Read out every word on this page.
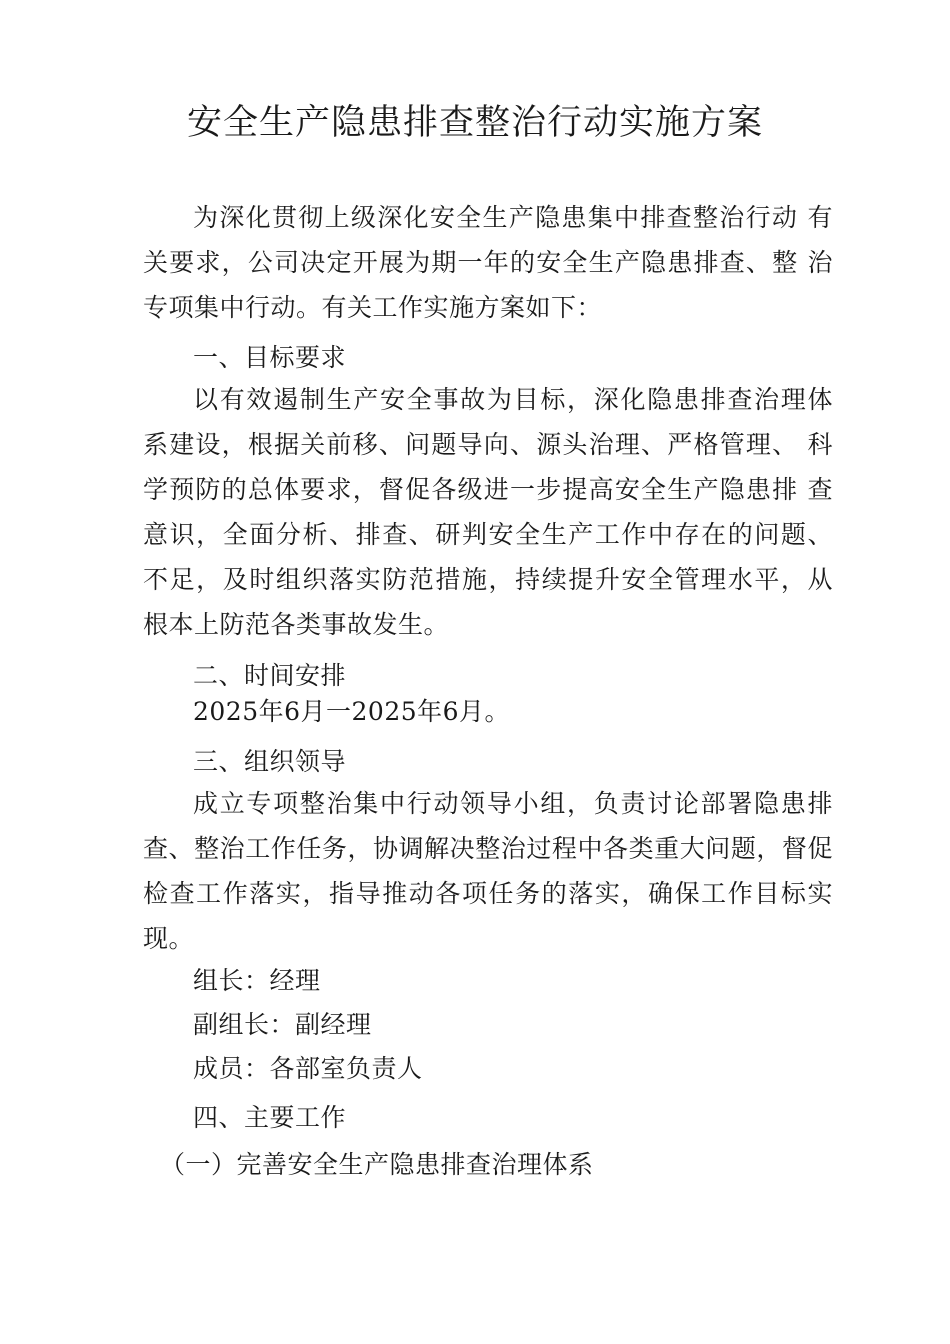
安全生产隐患排查整治行动实施方案

为深化贯彻上级深化安全生产隐患集中排查整治行动 有关要求，公司决定开展为期一年的安全生产隐患排查、整 治专项集中行动。有关工作实施方案如下：

一、目标要求

以有效遏制生产安全事故为目标，深化隐患排查治理体 系建设，根据关前移、问题导向、源头治理、严格管理、 科学预防的总体要求，督促各级进一步提高安全生产隐患排 查意识，全面分析、排查、研判安全生产工作中存在的问题、 不足，及时组织落实防范措施，持续提升安全管理水平，从 根本上防范各类事故发生。

二、时间安排

2025年6月一2025年6月。

三、组织领导

成立专项整治集中行动领导小组，负责讨论部署隐患排查、整治工作任务，协调解决整治过程中各类重大问题，督促检查工作落实，指导推动各项任务的落实，确保工作目标实现。

组长：经理

副组长：副经理

成员：各部室负责人

四、主要工作

（一）完善安全生产隐患排查治理体系
